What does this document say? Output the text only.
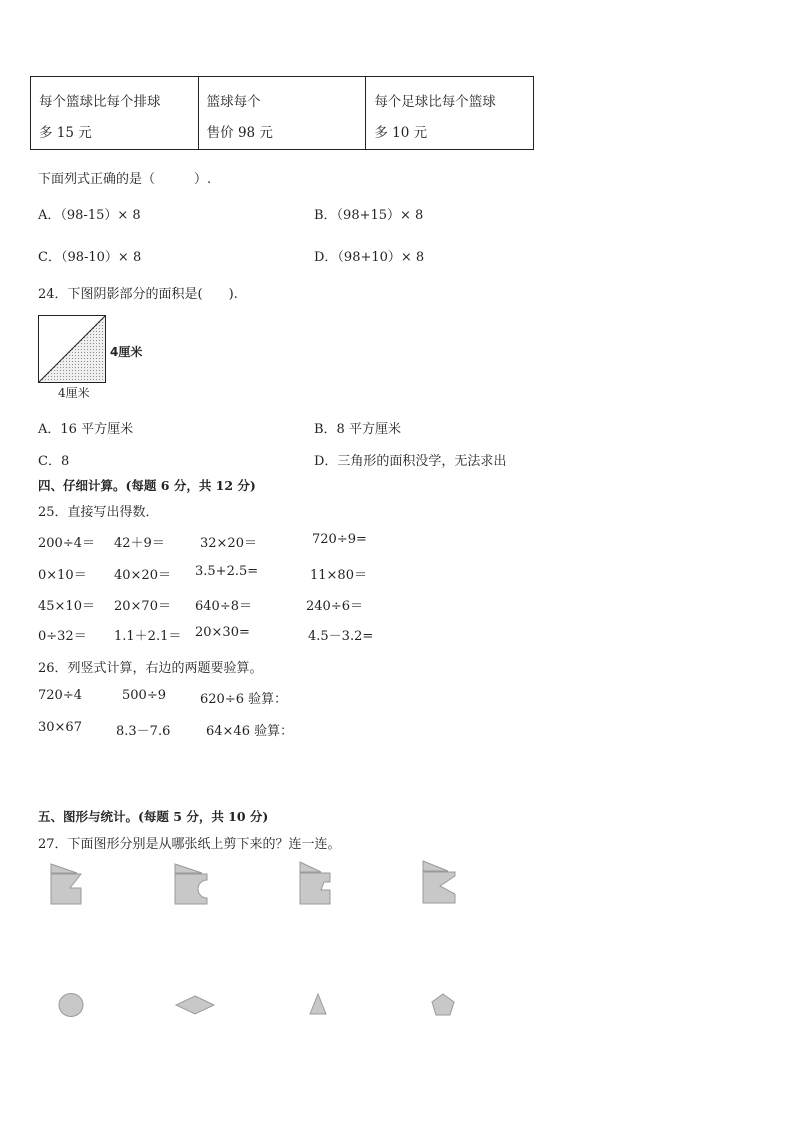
每个篮球比每个排球
多 15 元

篮球每个
售价 98 元

每个足球比每个篮球
多 10 元
下面列式正确的是（　　　）.
A．（98-15）× 8	B．（98+15）× 8
C．（98-10）× 8	D．（98+10）× 8
24．下图阴影部分的面积是(　　).
4厘米
4厘米
A．16 平方厘米	B．8 平方厘米
C．8	D．三角形的面积没学，无法求出
四、仔细计算。(每题 6 分，共 12 分)
25．直接写出得数．
200÷4＝ 42＋9＝	32×20＝	720÷9=
0×10＝ 40×20＝ 3.5+2.5=	11×80＝
45×10＝ 20×70＝ 640÷8＝	240÷6＝
0÷32＝ 1.1＋2.1＝ 20×30=	4.5－3.2=
26．列竖式计算，右边的两题要验算。
720÷4	500÷9	620÷6 验算：
30×67	8.3－7.6	64×46 验算：
五、图形与统计。(每题 5 分，共 10 分)
27．下面图形分别是从哪张纸上剪下来的？连一连。
